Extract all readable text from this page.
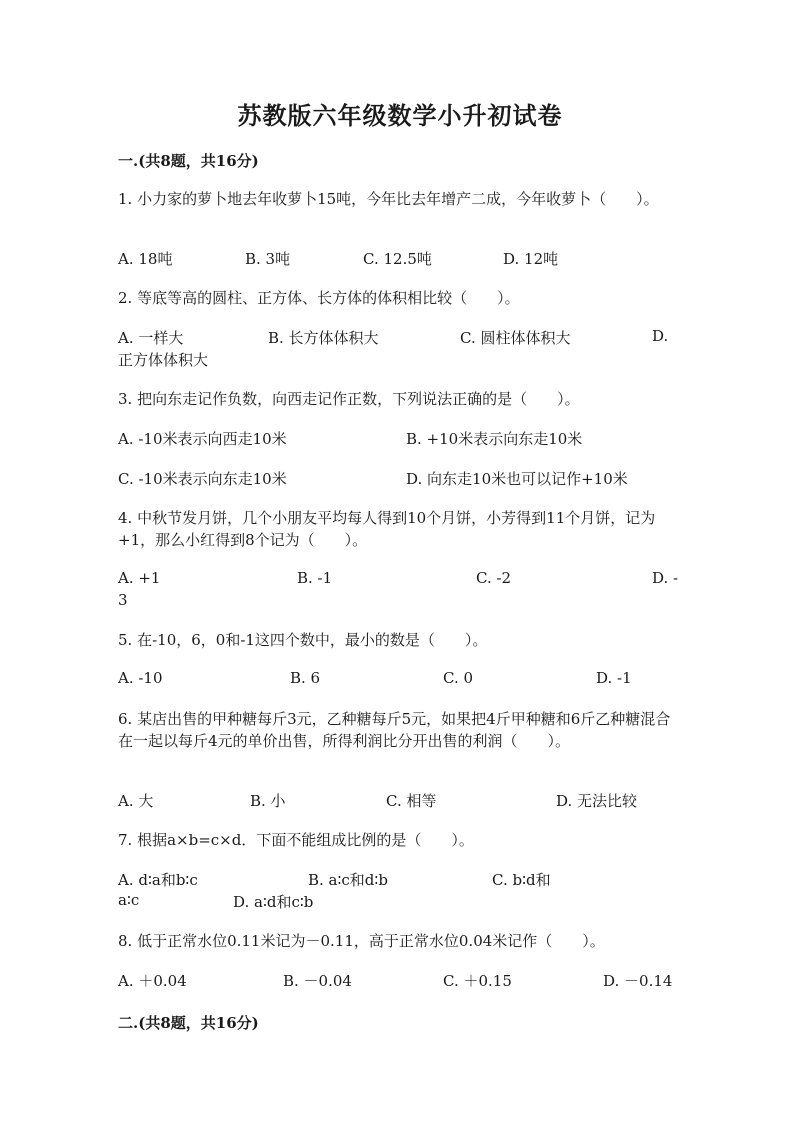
苏教版六年级数学小升初试卷
一.(共8题，共16分)
1. 小力家的萝卜地去年收萝卜15吨，今年比去年增产二成，今年收萝卜（　　）。
A. 18吨	B. 3吨	C. 12.5吨	D. 12吨
2. 等底等高的圆柱、正方体、长方体的体积相比较（　　）。
A. 一样大	B. 长方体体积大	C. 圆柱体体积大	D.
正方体体积大
3. 把向东走记作负数，向西走记作正数，下列说法正确的是（　　）。
A. -10米表示向西走10米	B. +10米表示向东走10米
C. -10米表示向东走10米	D. 向东走10米也可以记作+10米
4. 中秋节发月饼，几个小朋友平均每人得到10个月饼，小芳得到11个月饼，记为+1，那么小红得到8个记为（　　）。
A. +1	B. -1	C. -2	D. -
3
5. 在-10，6，0和-1这四个数中，最小的数是（　　）。
A. -10	B. 6	C. 0	D. -1
6. 某店出售的甲种糖每斤3元，乙种糖每斤5元，如果把4斤甲种糖和6斤乙种糖混合在一起以每斤4元的单价出售，所得利润比分开出售的利润（　　）。
A. 大	B. 小	C. 相等	D. 无法比较
7. 根据a×b=c×d．下面不能组成比例的是（　　）。
A. d∶a和b∶c	B. a∶c和d∶b	C. b∶d和
a∶c	D. a∶d和c∶b
8. 低于正常水位0.11米记为－0.11，高于正常水位0.04米记作（　　）。
A. ＋0.04	B. －0.04	C. ＋0.15	D. －0.14
二.(共8题，共16分)
